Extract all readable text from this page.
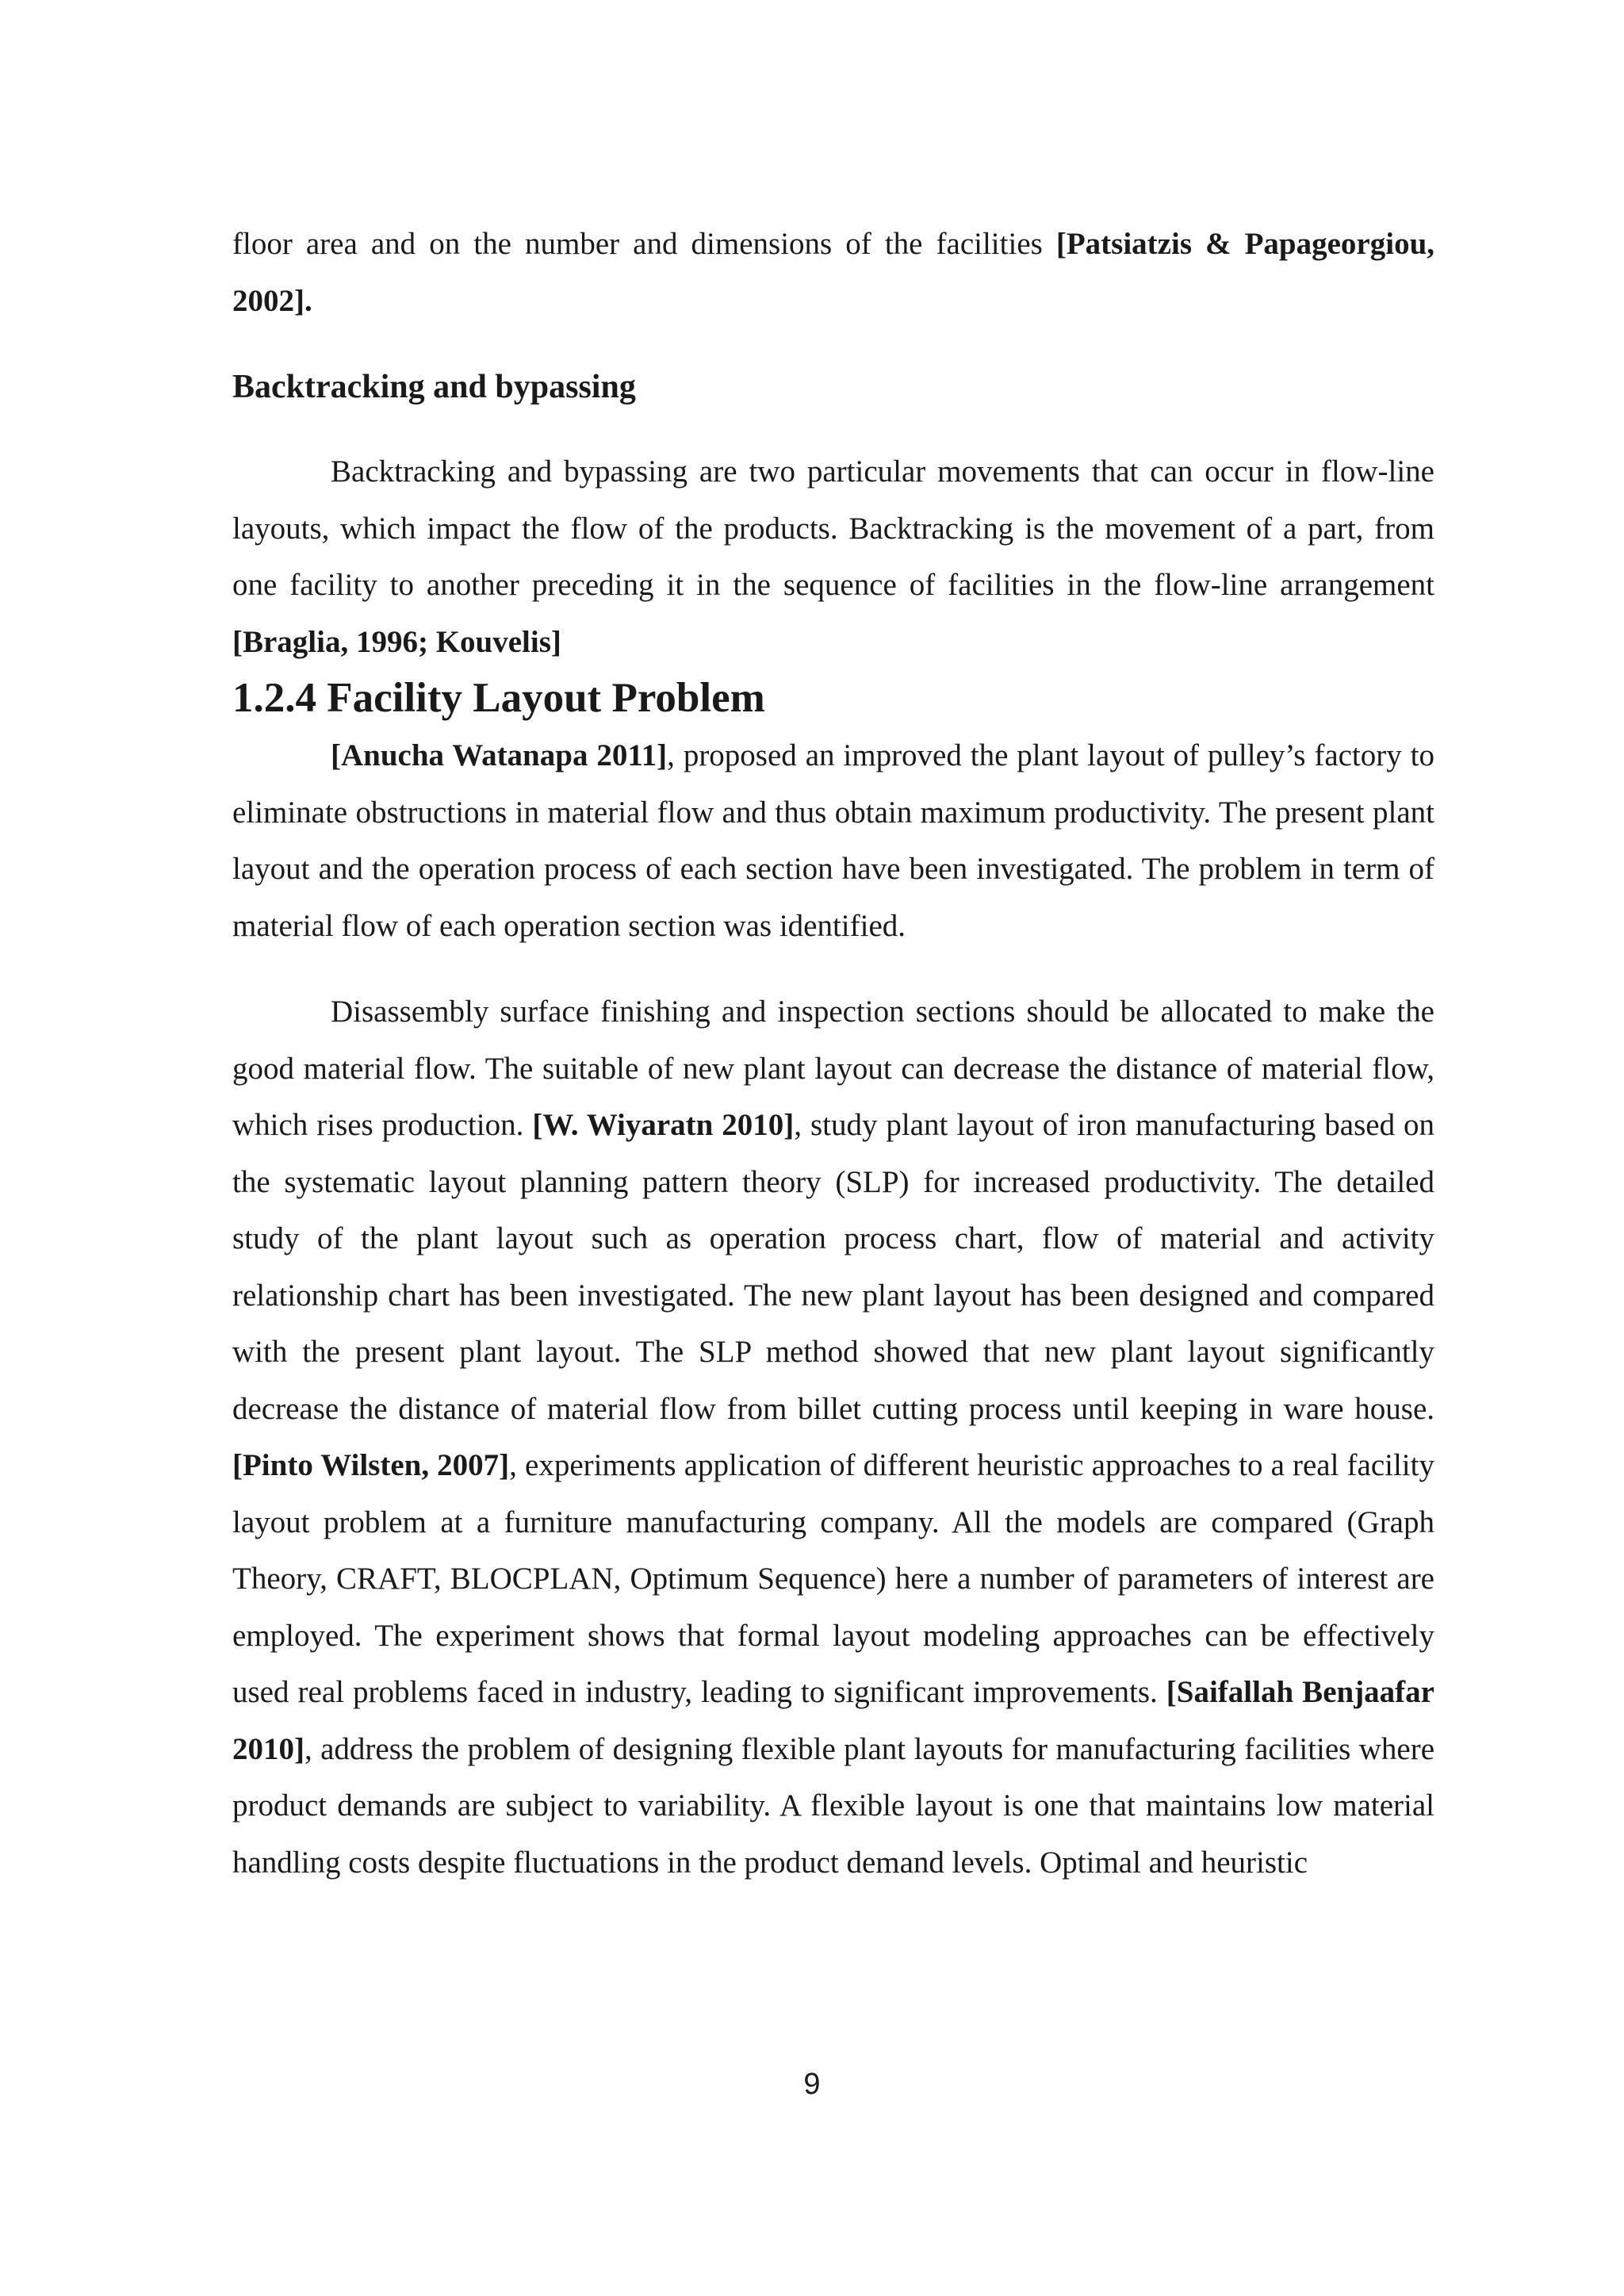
floor area and on the number and dimensions of the facilities [Patsiatzis & Papageorgiou, 2002].

Backtracking and bypassing

Backtracking and bypassing are two particular movements that can occur in flow-line layouts, which impact the flow of the products. Backtracking is the movement of a part, from one facility to another preceding it in the sequence of facilities in the flow-line arrangement [Braglia, 1996; Kouvelis]

1.2.4 Facility Layout Problem

[Anucha Watanapa 2011], proposed an improved the plant layout of pulley’s factory to eliminate obstructions in material flow and thus obtain maximum productivity. The present plant layout and the operation process of each section have been investigated. The problem in term of material flow of each operation section was identified.

Disassembly surface finishing and inspection sections should be allocated to make the good material flow. The suitable of new plant layout can decrease the distance of material flow, which rises production. [W. Wiyaratn 2010], study plant layout of iron manufacturing based on the systematic layout planning pattern theory (SLP) for increased productivity. The detailed study of the plant layout such as operation process chart, flow of material and activity relationship chart has been investigated. The new plant layout has been designed and compared with the present plant layout. The SLP method showed that new plant layout significantly decrease the distance of material flow from billet cutting process until keeping in ware house. [Pinto Wilsten, 2007], experiments application of different heuristic approaches to a real facility layout problem at a furniture manufacturing company. All the models are compared (Graph Theory, CRAFT, BLOCPLAN, Optimum Sequence) here a number of parameters of interest are employed. The experiment shows that formal layout modeling approaches can be effectively used real problems faced in industry, leading to significant improvements. [Saifallah Benjaafar 2010], address the problem of designing flexible plant layouts for manufacturing facilities where product demands are subject to variability. A flexible layout is one that maintains low material handling costs despite fluctuations in the product demand levels. Optimal and heuristic

9
